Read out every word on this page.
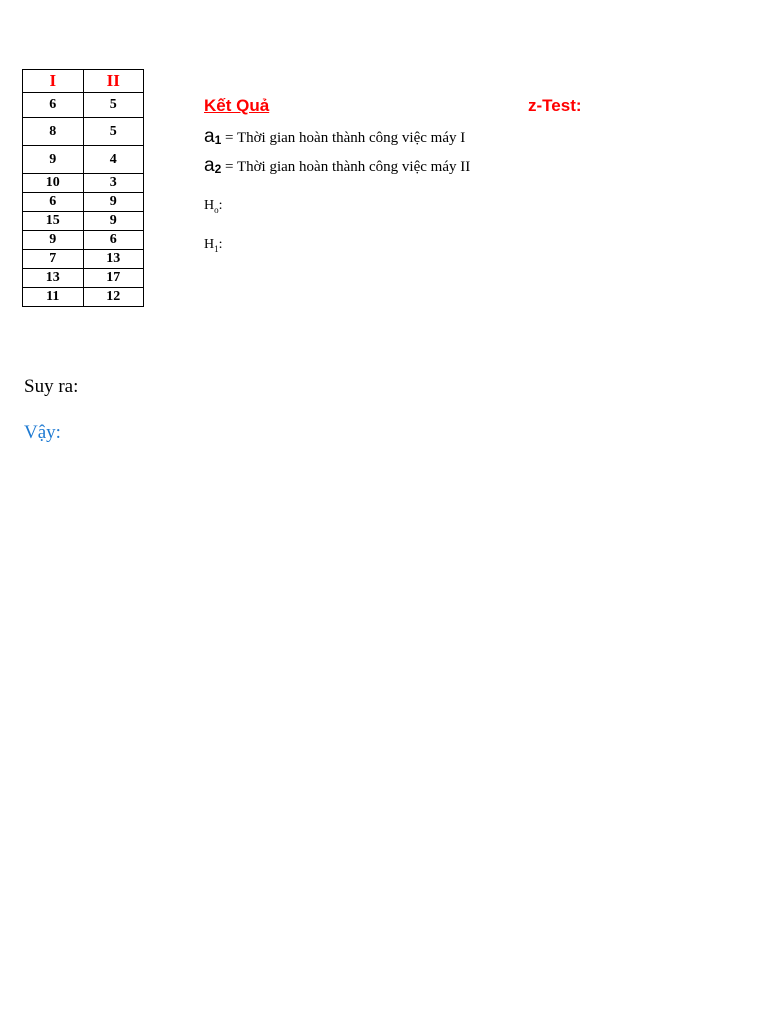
I	II
6	5
8	5
9	4
10	3
6	9
15	9
9	6
7	13
13	17
11	12
Kết Quả	z-Test:
a1 = Thời gian hoàn thành công việc máy I
a2 = Thời gian hoàn thành công việc máy II
$H_o$:
$H_1$:
Suy ra:
Vậy:
